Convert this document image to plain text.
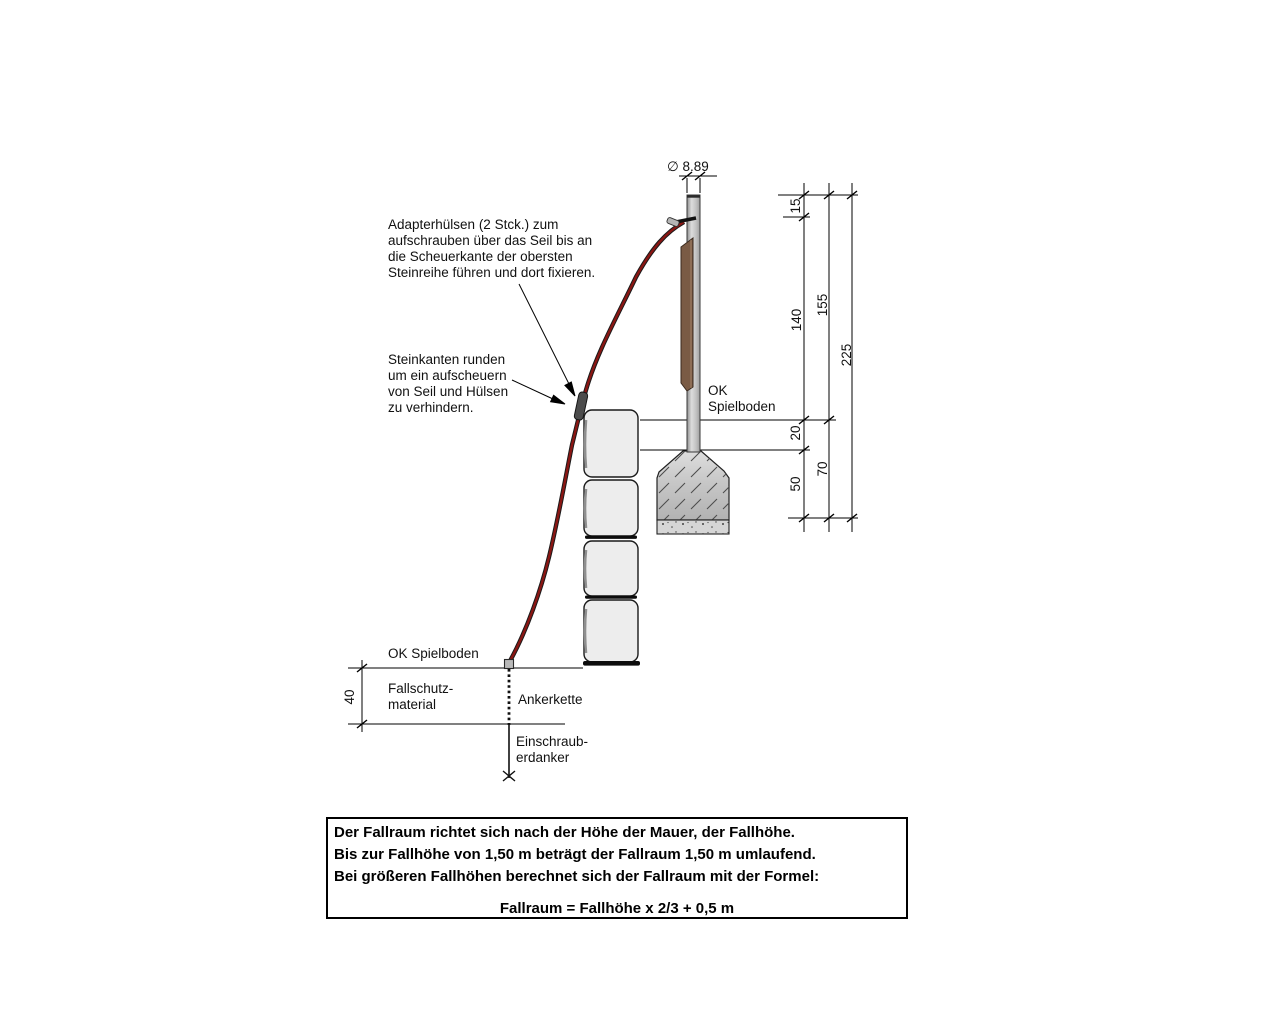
∅ 8.89
Adapterhülsen (2 Stck.) zum
aufschrauben über das Seil bis an
die Scheuerkante der obersten
Steinreihe führen und dort fixieren.
Steinkanten runden
um ein aufscheuern
von Seil und Hülsen
zu verhindern.
OK
Spielboden
OK Spielboden
Fallschutz-
material	Ankerkette
Einschraub-
erdanker
15
140
155
225
20
50
70
40
Der Fallraum richtet sich nach der Höhe der Mauer, der Fallhöhe.
Bis zur Fallhöhe von 1,50 m beträgt der Fallraum 1,50 m umlaufend.
Bei größeren Fallhöhen berechnet sich der Fallraum mit der Formel:
Fallraum = Fallhöhe x 2/3 + 0,5 m
